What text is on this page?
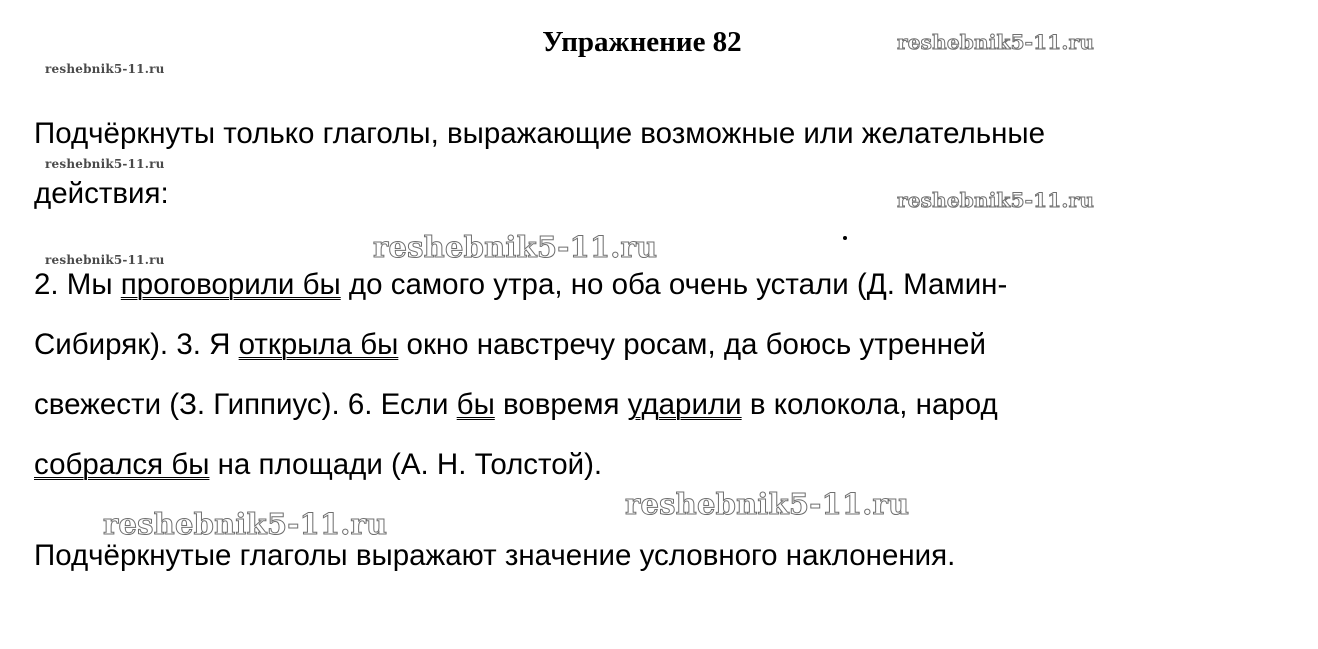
Упражнение 82	reshebnik5-11.ru
reshebnik5-11.ru
reshebnik5-11.ru
reshebnik5-11.ru
reshebnik5-11.ru	reshebnik5-11.ru
reshebnik5-11.ru
reshebnik5-11.ru
Подчёркнуты только глаголы, выражающие возможные или желательные
действия:
2. Мы проговорили бы до самого утра, но оба очень устали (Д. Мамин-
Сибиряк). 3. Я открыла бы окно навстречу росам, да боюсь утренней
свежести (З. Гиппиус). 6. Если бы вовремя ударили в колокола, народ
собрался бы на площади (А. Н. Толстой).
Подчёркнутые глаголы выражают значение условного наклонения.
